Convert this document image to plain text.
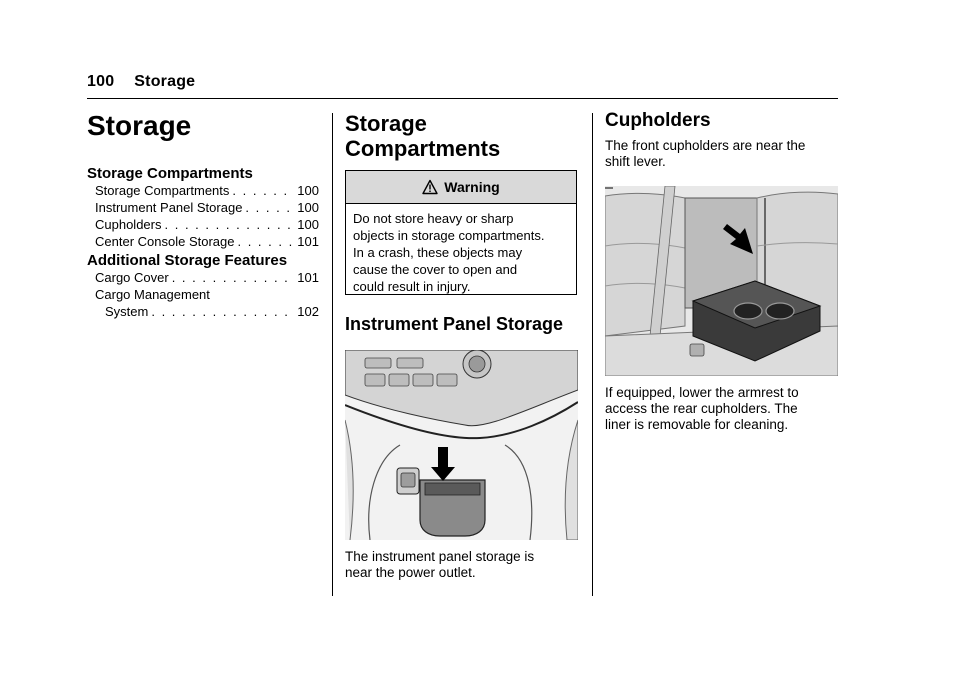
100 Storage
Storage
Storage Compartments
Storage Compartments . . .	100
Instrument Panel Storage . . .	100
Cupholders . . .	100
Center Console Storage . . .	101
Additional Storage Features
Cargo Cover . . .	101
Cargo Management
System . . .	102
Storage
Compartments
Warning
Do not store heavy or sharp
objects in storage compartments.
In a crash, these objects may
cause the cover to open and
could result in injury.
Instrument Panel Storage
The instrument panel storage is
near the power outlet.
Cupholders
The front cupholders are near the
shift lever.
If equipped, lower the armrest to
access the rear cupholders. The
liner is removable for cleaning.
